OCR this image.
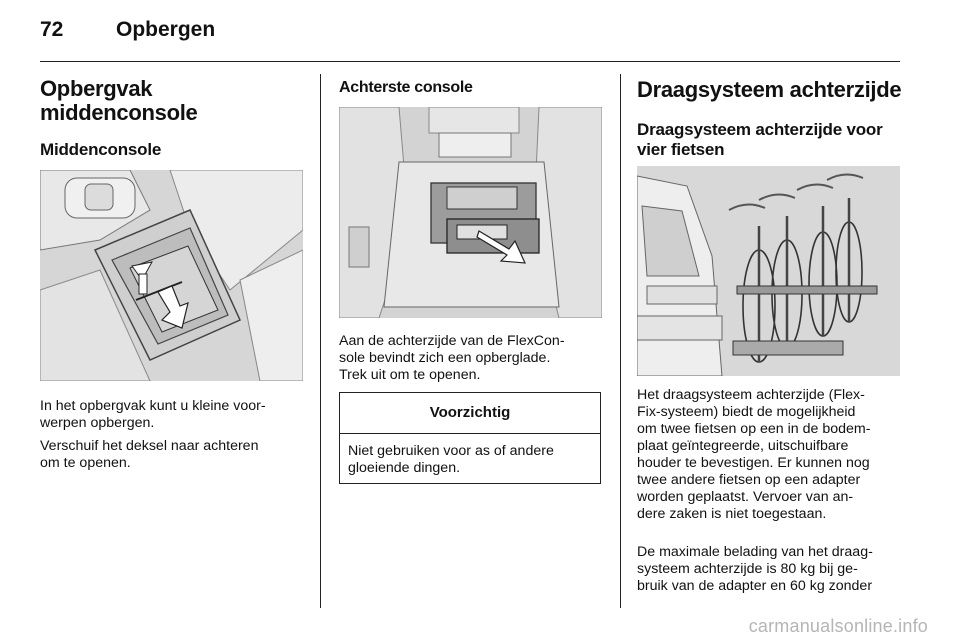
72	Opbergen
Opbergvak
middenconsole
Middenconsole
In het opbergvak kunt u kleine voor-
werpen opbergen.
Verschuif het deksel naar achteren
om te openen.
Achterste console
Aan de achterzijde van de FlexCon-
sole bevindt zich een opberglade.
Trek uit om te openen.
Voorzichtig
Niet gebruiken voor as of andere
gloeiende dingen.
Draagsysteem achterzijde
Draagsysteem achterzijde voor
vier fietsen
Het draagsysteem achterzijde (Flex-
Fix-systeem) biedt de mogelijkheid
om twee fietsen op een in de bodem-
plaat geïntegreerde, uitschuifbare
houder te bevestigen. Er kunnen nog
twee andere fietsen op een adapter
worden geplaatst. Vervoer van an-
dere zaken is niet toegestaan.
De maximale belading van het draag-
systeem achterzijde is 80 kg bij ge-
bruik van de adapter en 60 kg zonder
carmanualsonline.info
